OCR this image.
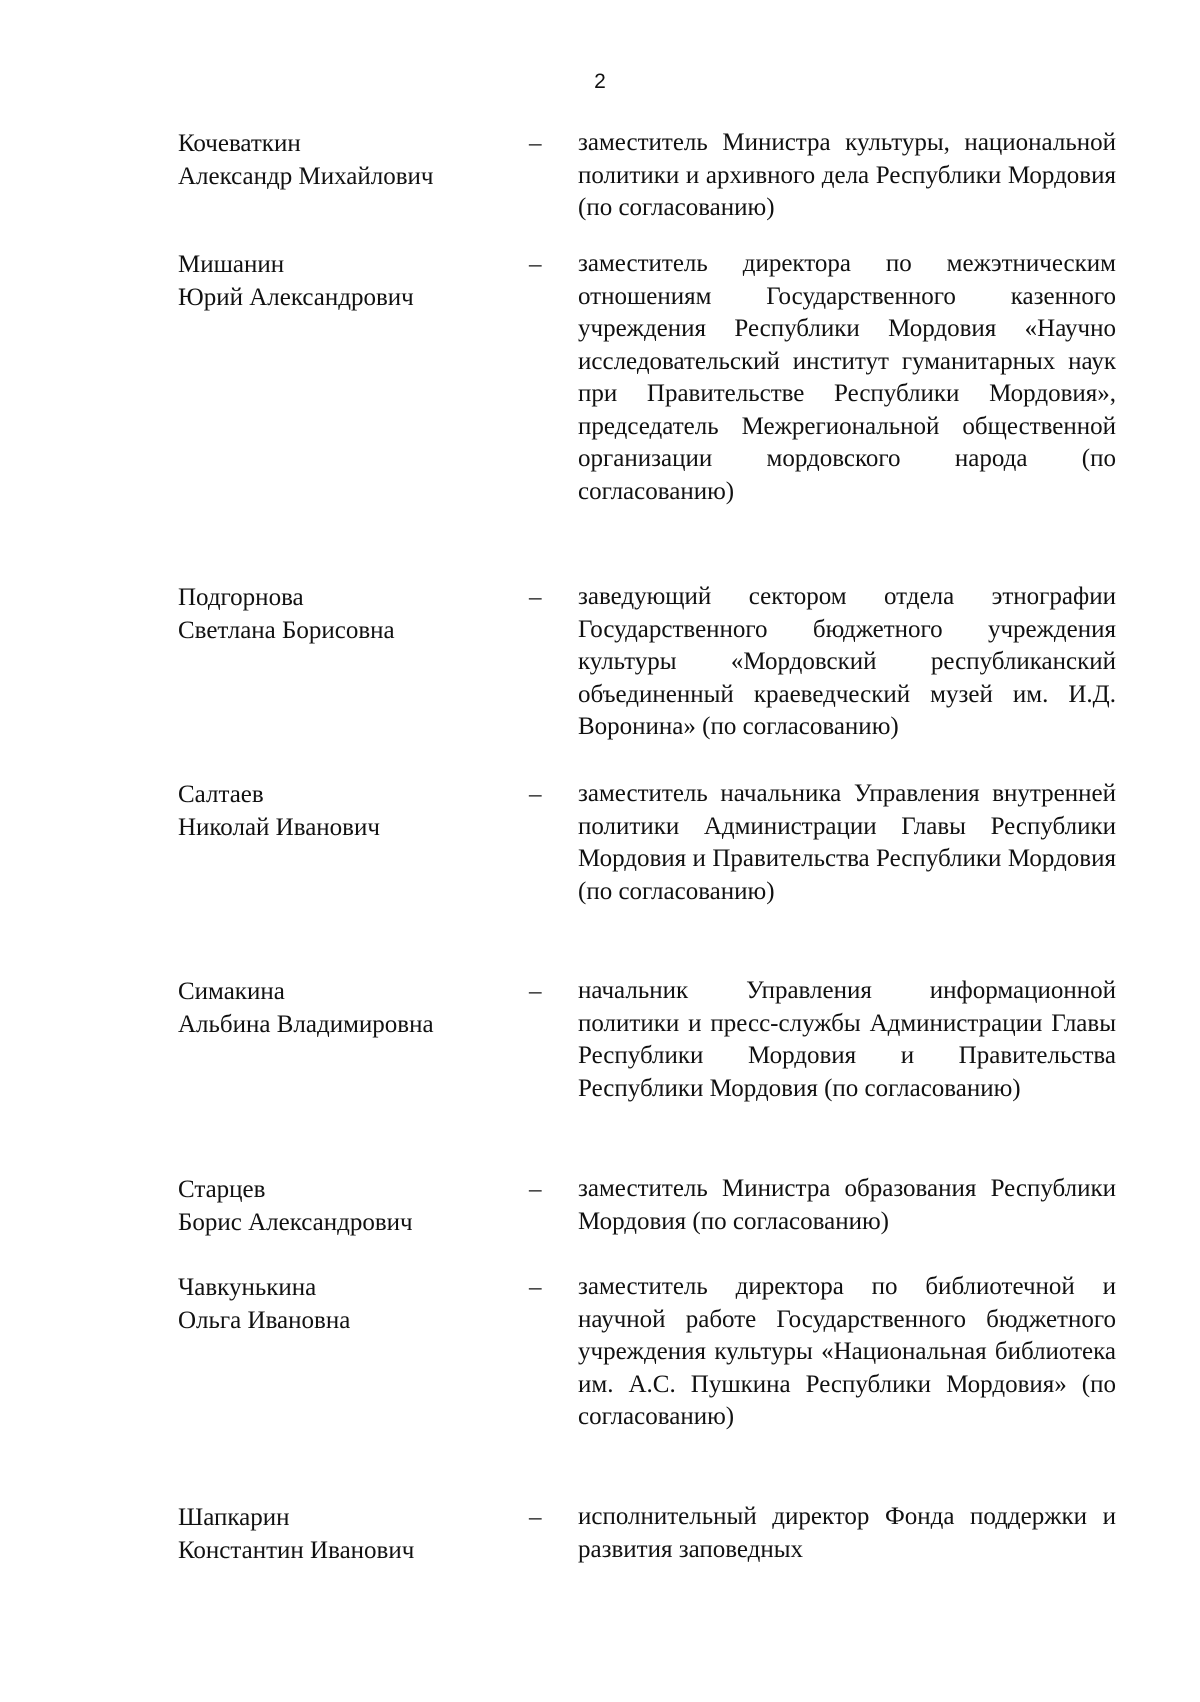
2
Кочеваткин
Александр Михайлович
– заместитель Министра культуры, национальной политики и архивного дела Республики Мордовия (по согласованию)
Мишанин
Юрий Александрович
– заместитель директора по межэтническим отношениям Государственного казенного учреждения Республики Мордовия «Научно исследовательский институт гуманитарных наук при Правительстве Республики Мордовия», председатель Межрегиональной общественной организации мордовского народа (по согласованию)
Подгорнова
Светлана Борисовна
– заведующий сектором отдела этнографии Государственного бюджетного учреждения культуры «Мордовский республиканский объединенный краеведческий музей им. И.Д. Воронина» (по согласованию)
Салтаев
Николай Иванович
– заместитель начальника Управления внутренней политики Администрации Главы Республики Мордовия и Правительства Республики Мордовия (по согласованию)
Симакина
Альбина Владимировна
– начальник Управления информационной политики и пресс-службы Администрации Главы Республики Мордовия и Правительства Республики Мордовия (по согласованию)
Старцев
Борис Александрович
– заместитель Министра образования Республики Мордовия (по согласованию)
Чавкунькина
Ольга Ивановна
– заместитель директора по библиотечной и научной работе Государственного бюджетного учреждения культуры «Национальная библиотека им. А.С. Пушкина Республики Мордовия» (по согласованию)
Шапкарин
Константин Иванович
– исполнительный директор Фонда поддержки и развития заповедных
